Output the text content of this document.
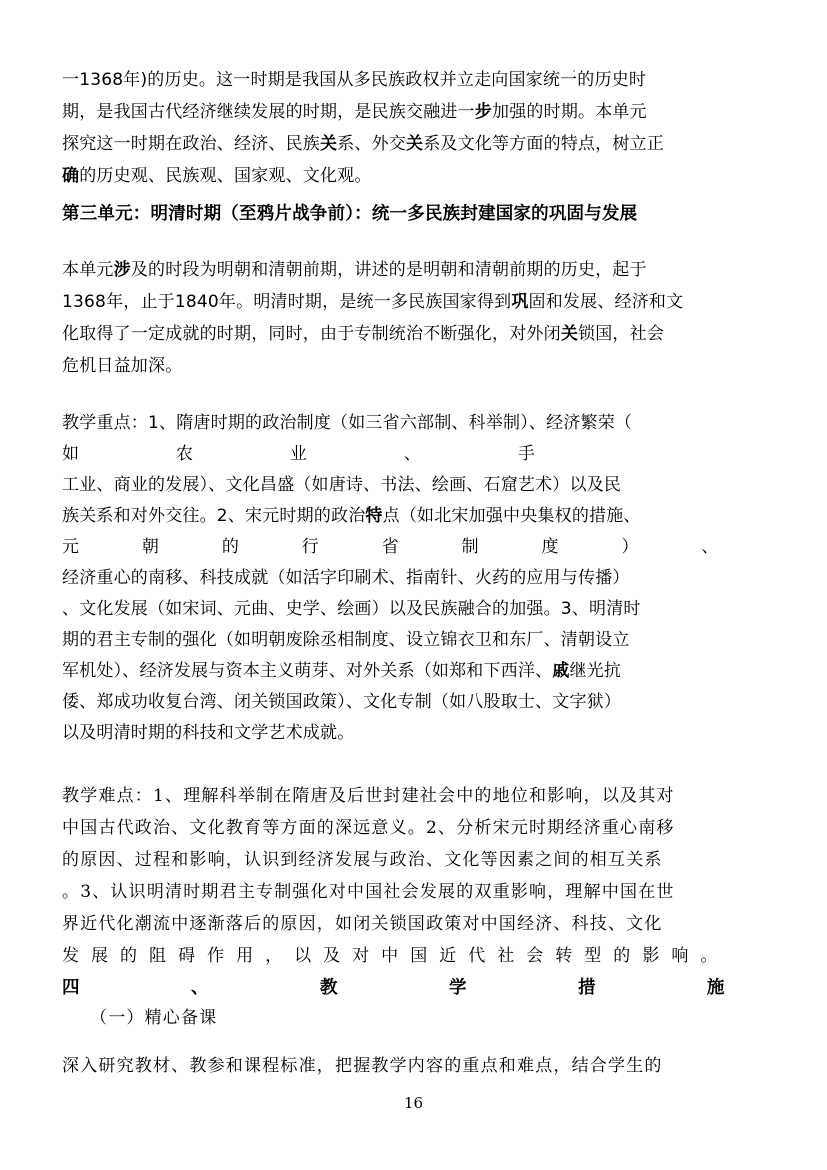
一1368年)的历史。这一时期是我国从多民族政权并立走向国家统一的历史时
期，是我国古代经济继续发展的时期，是民族交融进一步加强的时期。本单元
探究这一时期在政治、经济、民族关系、外交关系及文化等方面的特点，树立正
确的历史观、民族观、国家观、文化观。
第三单元：明清时期（至鸦片战争前）：统一多民族封建国家的巩固与发展
本单元涉及的时段为明朝和清朝前期，讲述的是明朝和清朝前期的历史，起于
1368年，止于1840年。明清时期，是统一多民族国家得到巩固和发展、经济和文
化取得了一定成就的时期，同时，由于专制统治不断强化，对外闭关锁国，社会
危机日益加深。
教学重点：1、隋唐时期的政治制度（如三省六部制、科举制）、经济繁荣（
如	农	业	、	手
工业、商业的发展）、文化昌盛（如唐诗、书法、绘画、石窟艺术）以及民
族关系和对外交往。2、宋元时期的政治特点（如北宋加强中央集权的措施、
元	朝	的	行	省	制	度	）	、
经济重心的南移、科技成就（如活字印刷术、指南针、火药的应用与传播）
、文化发展（如宋词、元曲、史学、绘画）以及民族融合的加强。3、明清时
期的君主专制的强化（如明朝废除丞相制度、设立锦衣卫和东厂、清朝设立
军机处）、经济发展与资本主义萌芽、对外关系（如郑和下西洋、戚继光抗
倭、郑成功收复台湾、闭关锁国政策）、文化专制（如八股取士、文字狱）
以及明清时期的科技和文学艺术成就。
教学难点：1、理解科举制在隋唐及后世封建社会中的地位和影响，以及其对
中国古代政治、文化教育等方面的深远意义。2、分析宋元时期经济重心南移
的原因、过程和影响，认识到经济发展与政治、文化等因素之间的相互关系
。3、认识明清时期君主专制强化对中国社会发展的双重影响，理解中国在世
界近代化潮流中逐渐落后的原因，如闭关锁国政策对中国经济、科技、文化
发 展 的 阻 碍 作 用 ， 以 及 对 中 国 近 代 社 会 转 型 的 影 响 。
四	、	教	学	措	施
（一）精心备课
深入研究教材、教参和课程标准，把握教学内容的重点和难点，结合学生的
16
